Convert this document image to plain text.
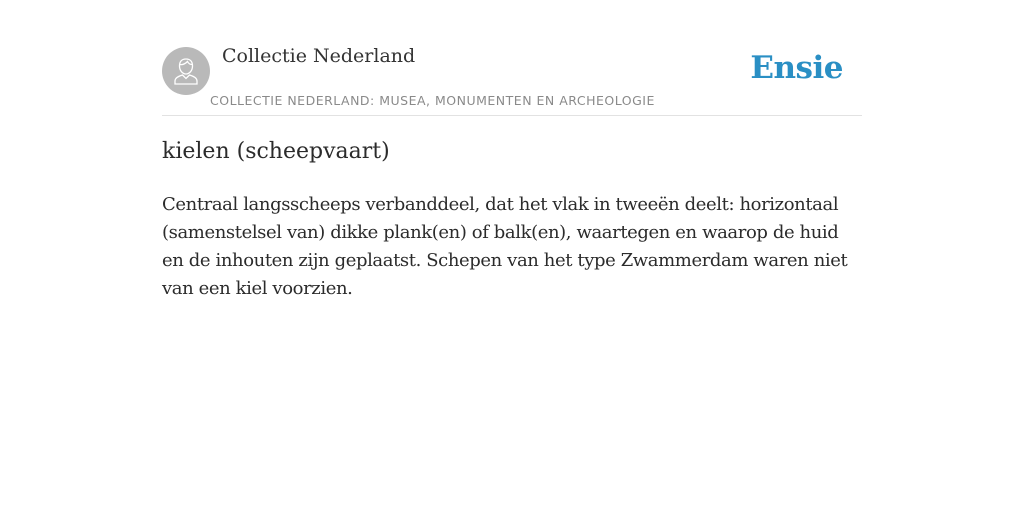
Collectie Nederland
COLLECTIE NEDERLAND: MUSEA, MONUMENTEN EN ARCHEOLOGIE
Ensie
kielen (scheepvaart)

Centraal langsscheeps verbanddeel, dat het vlak in tweeën deelt: horizontaal (samenstelsel van) dikke plank(en) of balk(en), waartegen en waarop de huid en de inhouten zijn geplaatst. Schepen van het type Zwammerdam waren niet van een kiel voorzien.
